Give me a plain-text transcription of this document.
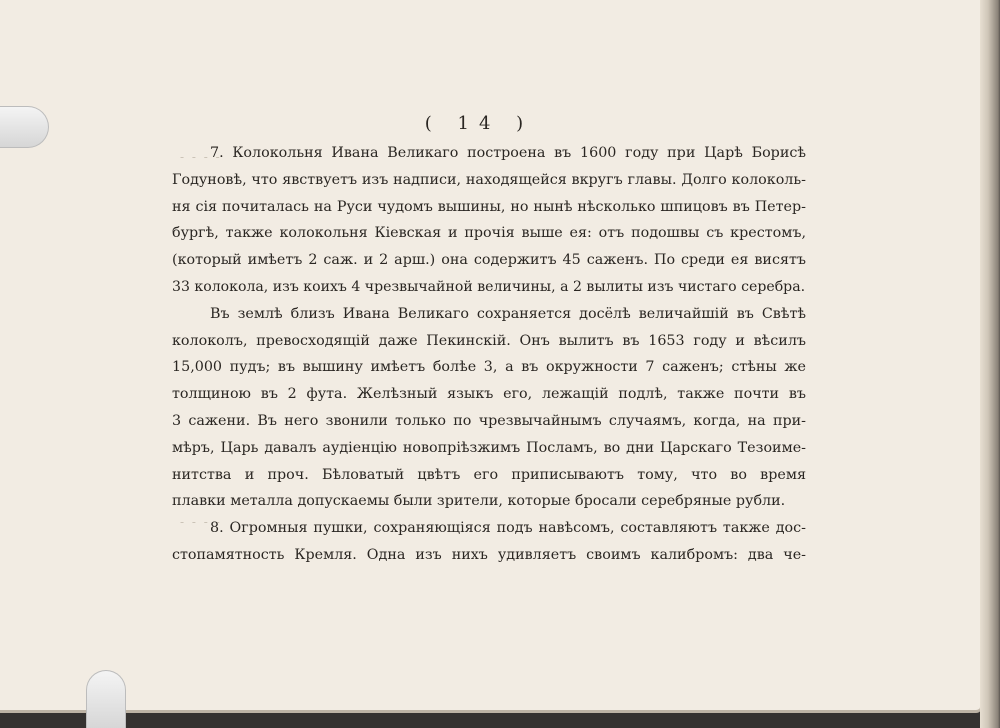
- - - -
- - - -
( 14 )
7. Колокольня Ивана Великаго построена въ 1600 году при Царѣ Борисѣ
Годуновѣ, что явствуетъ изъ надписи, находящейся вкругъ главы. Долго колоколь-
ня сія почиталась на Руси чудомъ вышины, но нынѣ нѣсколько шпицовъ въ Петер-
бургѣ, также колокольня Кіевская и прочія выше ея: отъ подошвы съ крестомъ,
(который имѣетъ 2 саж. и 2 арш.) она содержитъ 45 саженъ. По среди ея висятъ
33 колокола, изъ коихъ 4 чрезвычайной величины, а 2 вылиты изъ чистаго серебра.
Въ землѣ близъ Ивана Великаго сохраняется досёлѣ величайшій въ Свѣтѣ
колоколъ, превосходящій даже Пекинскій. Онъ вылитъ въ 1653 году и вѣсилъ
15,000 пудъ; въ вышину имѣетъ болѣе 3, а въ окружности 7 саженъ; стѣны же
толщиною въ 2 фута. Желѣзный языкъ его, лежащій подлѣ, также почти въ
3 сажени. Въ него звонили только по чрезвычайнымъ случаямъ, когда, на при-
мѣръ, Царь давалъ аудіенцію новопріѣзжимъ Посламъ, во дни Царскаго Тезоиме-
нитства и проч. Бѣловатый цвѣтъ его приписываютъ тому, что во время
плавки металла допускаемы были зрители, которые бросали серебряные рубли.
8. Огромныя пушки, сохраняющіяся подъ навѣсомъ, составляютъ также дос-
стопамятность Кремля. Одна изъ нихъ удивляетъ своимъ калибромъ: два че-
